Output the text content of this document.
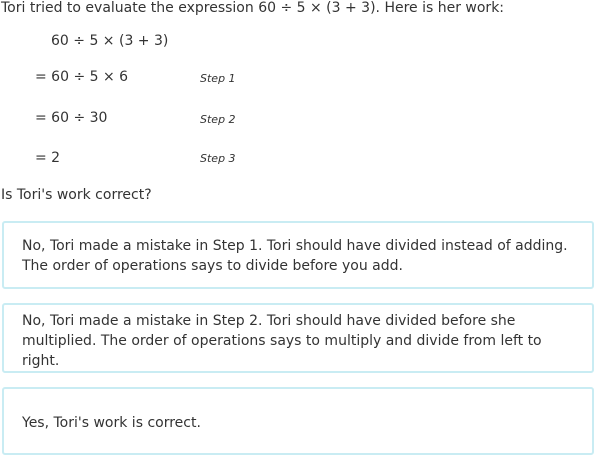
Tori tried to evaluate the expression 60 ÷ 5 × (3 + 3). Here is her work:
60 ÷ 5 × (3 + 3)
= 60 ÷ 5 × 6	Step 1
= 60 ÷ 30	Step 2
= 2	Step 3
Is Tori's work correct?
No, Tori made a mistake in Step 1. Tori should have divided instead of adding. The order of operations says to divide before you add.
No, Tori made a mistake in Step 2. Tori should have divided before she multiplied. The order of operations says to multiply and divide from left to right.
Yes, Tori's work is correct.
